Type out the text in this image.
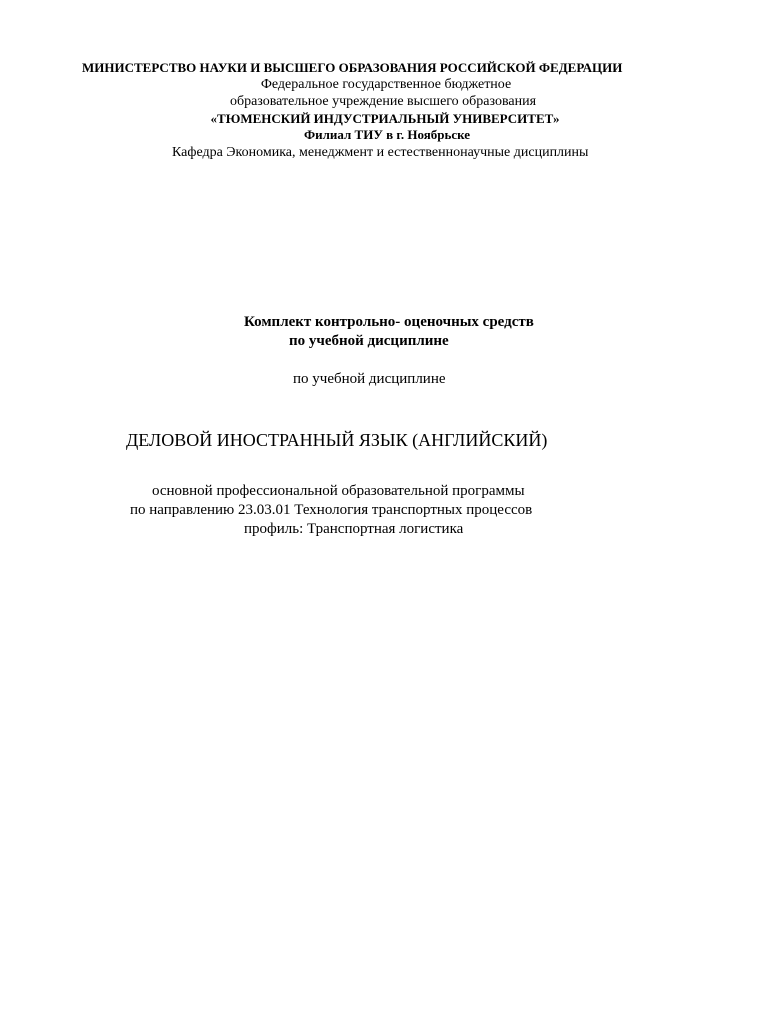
МИНИСТЕРСТВО НАУКИ И ВЫСШЕГО ОБРАЗОВАНИЯ РОССИЙСКОЙ ФЕДЕРАЦИИ
Федеральное государственное бюджетное
образовательное учреждение высшего образования
«ТЮМЕНСКИЙ ИНДУСТРИАЛЬНЫЙ УНИВЕРСИТЕТ»
Филиал ТИУ в г. Ноябрьске
Кафедра Экономика, менеджмент и естественнонаучные дисциплины
Комплект контрольно- оценочных средств
по учебной дисциплине
по учебной дисциплине
ДЕЛОВОЙ ИНОСТРАННЫЙ ЯЗЫК (АНГЛИЙСКИЙ)
основной профессиональной образовательной программы
по направлению 23.03.01 Технология транспортных процессов
профиль: Транспортная логистика
